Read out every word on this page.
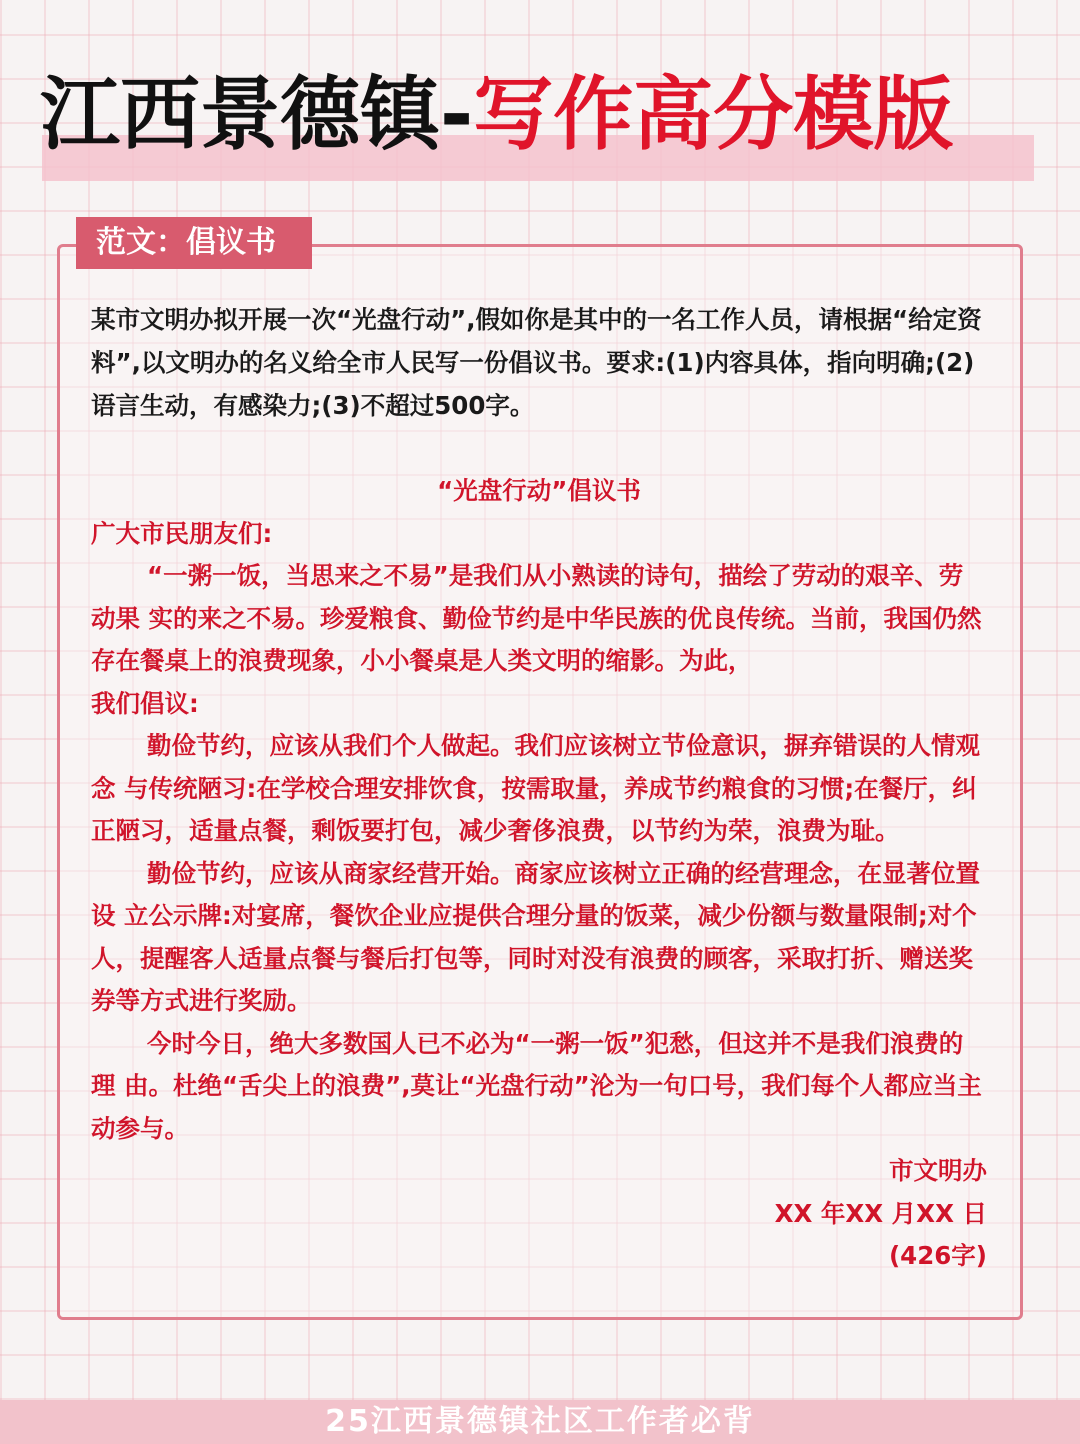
江西景德镇- 写作高分模版
范文：倡议书
某市文明办拟开展一次“光盘行动”,假如你是其中的一名工作人员，请根据“给定资料”,以文明办的名义给全市人民写一份倡议书。要求:(1)内容具体，指向明确;(2)语言生动，有感染力;(3)不超过500字。

“光盘行动”倡议书

广大市民朋友们:

“一粥一饭，当思来之不易”是我们从小熟读的诗句，描绘了劳动的艰辛、劳动果 实的来之不易。珍爱粮食、勤俭节约是中华民族的优良传统。当前，我国仍然存在餐桌上的浪费现象，小小餐桌是人类文明的缩影。为此，

我们倡议:

勤俭节约，应该从我们个人做起。我们应该树立节俭意识，摒弃错误的人情观念 与传统陋习:在学校合理安排饮食，按需取量，养成节约粮食的习惯;在餐厅，纠正陋习，适量点餐，剩饭要打包，减少奢侈浪费，以节约为荣，浪费为耻。

勤俭节约，应该从商家经营开始。商家应该树立正确的经营理念，在显著位置设 立公示牌:对宴席，餐饮企业应提供合理分量的饭菜，减少份额与数量限制;对个人，提醒客人适量点餐与餐后打包等，同时对没有浪费的顾客，采取打折、赠送奖券等方式进行奖励。

今时今日，绝大多数国人已不必为“一粥一饭”犯愁，但这并不是我们浪费的理 由。杜绝“舌尖上的浪费”,莫让“光盘行动”沦为一句口号，我们每个人都应当主动参与。

市文明办

XX 年XX 月XX 日

(426字)

25江西景德镇社区工作者必背
